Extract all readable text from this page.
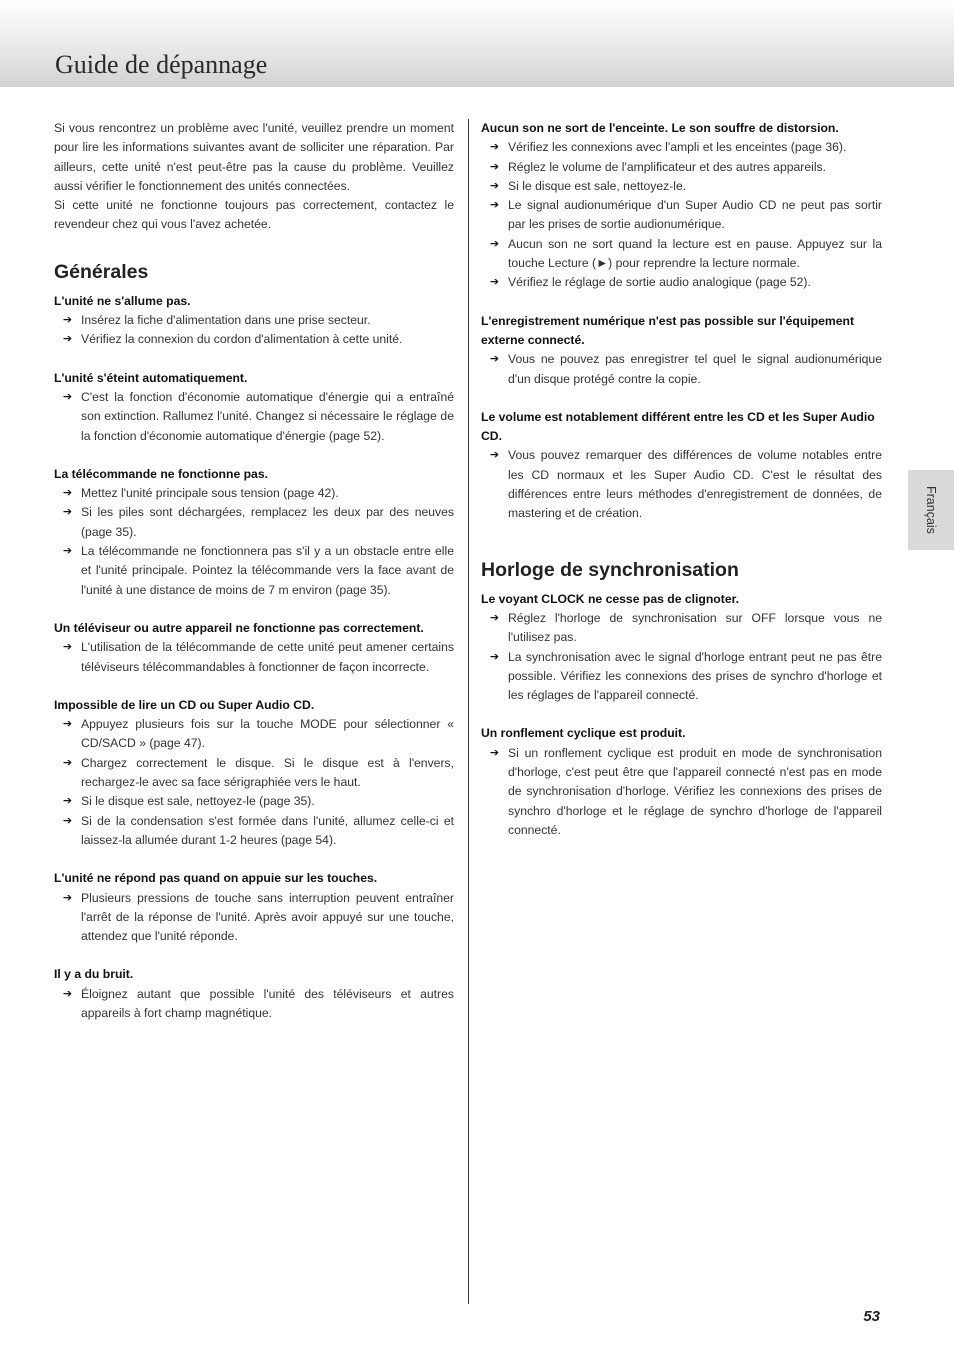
Guide de dépannage

Si vous rencontrez un problème avec l'unité, veuillez prendre un moment pour lire les informations suivantes avant de solliciter une réparation. Par ailleurs, cette unité n'est peut-être pas la cause du problème. Veuillez aussi vérifier le fonctionnement des unités connectées.

Si cette unité ne fonctionne toujours pas correctement, contactez le revendeur chez qui vous l'avez achetée.

Générales

L'unité ne s'allume pas.

➔ Insérez la fiche d'alimentation dans une prise secteur.
➔ Vérifiez la connexion du cordon d'alimentation à cette unité.

L'unité s'éteint automatiquement.

➔ C'est la fonction d'économie automatique d'énergie qui a entraîné son extinction. Rallumez l'unité. Changez si nécessaire le réglage de la fonction d'économie automatique d'énergie (page 52).

La télécommande ne fonctionne pas.

➔ Mettez l'unité principale sous tension (page 42).
➔ Si les piles sont déchargées, remplacez les deux par des neuves (page 35).
➔ La télécommande ne fonctionnera pas s'il y a un obstacle entre elle et l'unité principale. Pointez la télécommande vers la face avant de l'unité à une distance de moins de 7 m environ (page 35).

Un téléviseur ou autre appareil ne fonctionne pas correctement.

➔ L'utilisation de la télécommande de cette unité peut amener certains téléviseurs télécommandables à fonctionner de façon incorrecte.

Impossible de lire un CD ou Super Audio CD.

➔ Appuyez plusieurs fois sur la touche MODE pour sélectionner « CD/SACD » (page 47).
➔ Chargez correctement le disque. Si le disque est à l'envers, rechargez-le avec sa face sérigraphiée vers le haut.
➔ Si le disque est sale, nettoyez-le (page 35).
➔ Si de la condensation s'est formée dans l'unité, allumez celle-ci et laissez-la allumée durant 1-2 heures (page 54).

L'unité ne répond pas quand on appuie sur les touches.

➔ Plusieurs pressions de touche sans interruption peuvent entraîner l'arrêt de la réponse de l'unité. Après avoir appuyé sur une touche, attendez que l'unité réponde.

Il y a du bruit.

➔ Éloignez autant que possible l'unité des téléviseurs et autres appareils à fort champ magnétique.

Aucun son ne sort de l'enceinte. Le son souffre de distorsion.

➔ Vérifiez les connexions avec l'ampli et les enceintes (page 36).
➔ Réglez le volume de l'amplificateur et des autres appareils.
➔ Si le disque est sale, nettoyez-le.
➔ Le signal audionumérique d'un Super Audio CD ne peut pas sortir par les prises de sortie audionumérique.
➔ Aucun son ne sort quand la lecture est en pause. Appuyez sur la touche Lecture (►) pour reprendre la lecture normale.
➔ Vérifiez le réglage de sortie audio analogique (page 52).

L'enregistrement numérique n'est pas possible sur l'équipement externe connecté.

➔ Vous ne pouvez pas enregistrer tel quel le signal audionumérique d'un disque protégé contre la copie.

Le volume est notablement différent entre les CD et les Super Audio CD.

➔ Vous pouvez remarquer des différences de volume notables entre les CD normaux et les Super Audio CD. C'est le résultat des différences entre leurs méthodes d'enregistrement de données, de mastering et de création.
Horloge de synchronisation

Le voyant CLOCK ne cesse pas de clignoter.

➔ Réglez l'horloge de synchronisation sur OFF lorsque vous ne l'utilisez pas.
➔ La synchronisation avec le signal d'horloge entrant peut ne pas être possible. Vérifiez les connexions des prises de synchro d'horloge et les réglages de l'appareil connecté.

Un ronflement cyclique est produit.

➔ Si un ronflement cyclique est produit en mode de synchronisation d'horloge, c'est peut être que l'appareil connecté n'est pas en mode de synchronisation d'horloge. Vérifiez les connexions des prises de synchro d'horloge et le réglage de synchro d'horloge de l'appareil connecté.
Français
53
